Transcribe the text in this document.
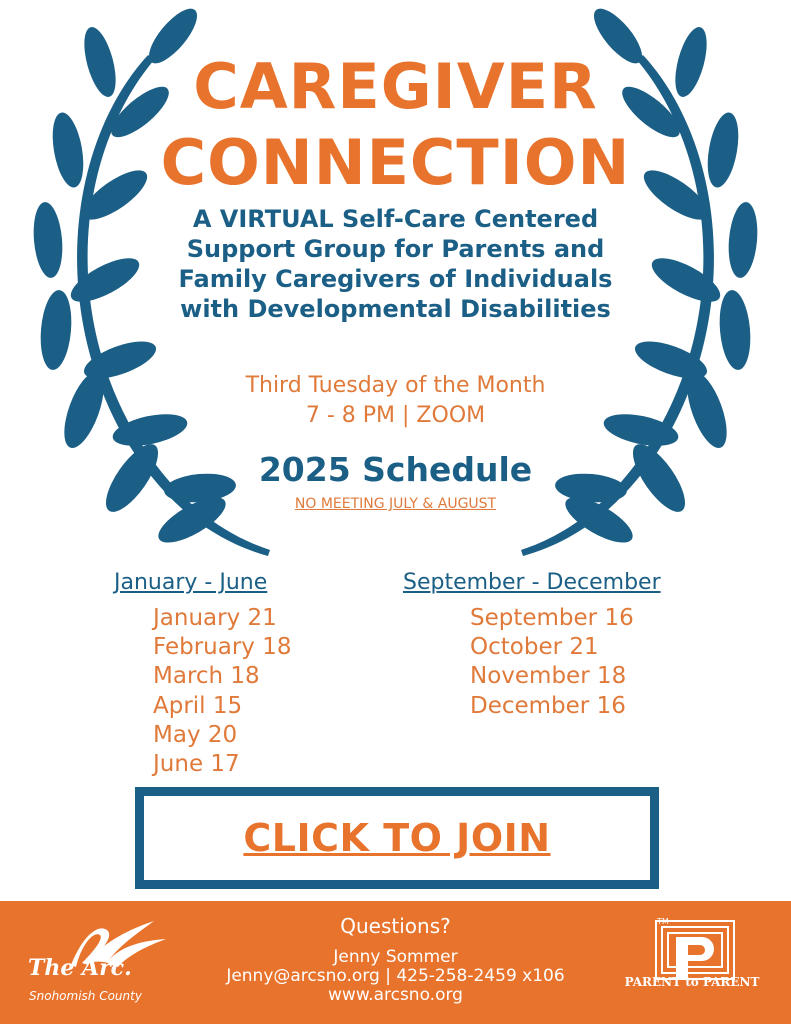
CAREGIVER
CONNECTION

A VIRTUAL Self-Care Centered Support Group for Parents and Family Caregivers of Individuals with Developmental Disabilities

Third Tuesday of the Month
7 - 8 PM | ZOOM
2025 Schedule
NO MEETING JULY & AUGUST
January - June
January 21
February 18
March 18
April 15
May 20
June 17
September - December
September 16
October 21
November 18
December 16
CLICK TO JOIN
The Arc.
Snohomish County
Questions?
Jenny Sommer
Jenny@arcsno.org | 425-258-2459 x106
www.arcsno.org
TM
PARENT to PARENT
